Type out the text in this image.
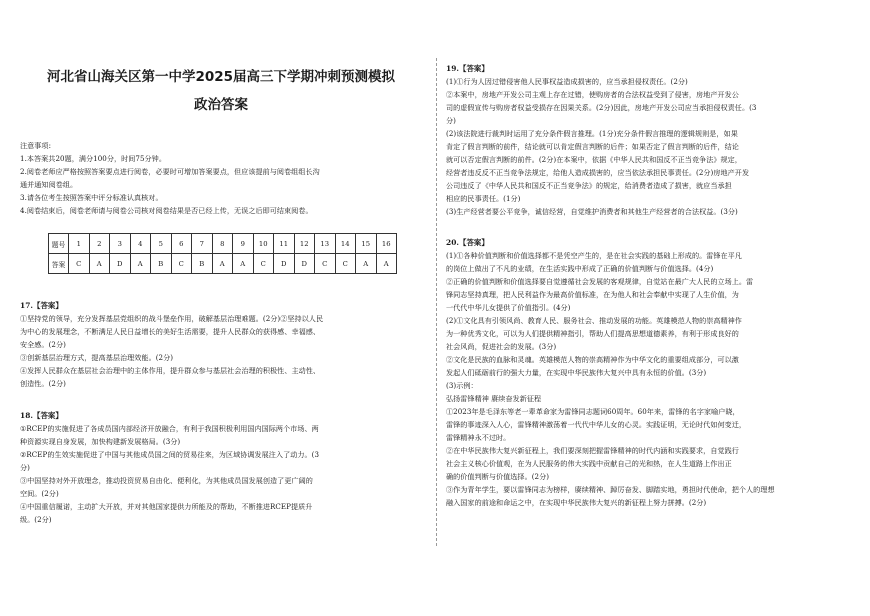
河北省山海关区第一中学2025届高三下学期冲刺预测模拟
政治答案
注意事项:
1.本答案共20题，满分100分，时间75分钟。
2.阅卷老师应严格按照答案要点进行阅卷，必要时可增加答案要点，但应该提前与阅卷组组长沟
通并通知阅卷组。
3.请各位考生按照答案中评分标准认真核对。
4.阅卷结束后，阅卷老师请与阅卷公司核对阅卷结果是否已经上传，无误之后即可结束阅卷。
题号	1	2	3	4	5	6	7	8	9	10	11	12	13	14	15	16
答案	C	A	D	A	B	C	B	A	A	C	D	D	C	C	A	A
17.【答案】
①坚持党的领导，充分发挥基层党组织的战斗堡垒作用，破解基层治理难题。(2分)②坚持以人民
为中心的发展理念，不断满足人民日益增长的美好生活需要，提升人民群众的获得感、幸福感、
安全感。(2分)
③创新基层治理方式，提高基层治理效能。(2分)
④发挥人民群众在基层社会治理中的主体作用，提升群众参与基层社会治理的积极性、主动性、
创造性。(2分)
18.【答案】
①RCEP的实施促进了各成员国内部经济开放融合，有利于我国积极利用国内国际两个市场、两
种资源实现自身发展，加快构建新发展格局。(3分)
②RCEP的生效实施促进了中国与其他成员国之间的贸易往来，为区域协调发展注入了动力。(3
分)
③中国坚持对外开放理念，推动投资贸易自由化、便利化，为其他成员国发展创造了更广阔的
空间。(2分)
④中国重信履诺，主动扩大开放，并对其他国家提供力所能及的帮助，不断推进RCEP提质升
级。(2分)
19.【答案】
(1)①行为人因过错侵害他人民事权益造成损害的，应当承担侵权责任。(2分)
②本案中，房地产开发公司主观上存在过错，使购房者的合法权益受到了侵害，房地产开发公
司的虚假宣传与购房者权益受损存在因果关系。(2分)因此，房地产开发公司应当承担侵权责任。(3
分)
(2)该法院进行裁判时运用了充分条件假言推理。(1分)充分条件假言推理的逻辑规则是，如果
肯定了假言判断的前件，结论就可以肯定假言判断的后件；如果否定了假言判断的后件，结论
就可以否定假言判断的前件。(2分)在本案中，依据《中华人民共和国反不正当竞争法》规定，
经营者违反反不正当竞争法规定，给他人造成损害的，应当依法承担民事责任。(2分)房地产开发
公司违反了《中华人民共和国反不正当竞争法》的规定，给消费者造成了损害，就应当承担
相应的民事责任。(1分)
(3)生产经营者要公平竞争，诚信经营，自觉维护消费者和其他生产经营者的合法权益。(3分)
20.【答案】
(1)①各种价值判断和价值选择都不是凭空产生的，是在社会实践的基础上形成的。雷锋在平凡
的岗位上做出了不凡的业绩，在生活实践中形成了正确的价值判断与价值选择。(4分)
②正确的价值判断和价值选择要自觉遵循社会发展的客观规律，自觉站在最广大人民的立场上。雷
锋同志坚持真理，把人民利益作为最高价值标准，在为他人和社会奉献中实现了人生价值，为
一代代中华儿女提供了价值指引。(4分)
(2)①文化具有引领风尚、教育人民、服务社会、推动发展的功能。英雄模范人物的崇高精神作
为一种优秀文化，可以为人们提供精神指引，帮助人们提高思想道德素养，有利于形成良好的
社会风尚，促进社会的发展。(3分)
②文化是民族的血脉和灵魂。英雄模范人物的崇高精神作为中华文化的重要组成部分，可以激
发起人们砥砺前行的强大力量，在实现中华民族伟大复兴中具有永恒的价值。(3分)
(3)示例：
弘扬雷锋精神 赓续奋发新征程
①2023年是毛泽东等老一辈革命家为雷锋同志题词60周年。60年来，雷锋的名字家喻户晓，
雷锋的事迹深入人心，雷锋精神激荡着一代代中华儿女的心灵。实践证明，无论时代如何变迁，
雷锋精神永不过时。
②在中华民族伟大复兴新征程上，我们要深刻把握雷锋精神的时代内涵和实践要求，自觉践行
社会主义核心价值观，在为人民服务的伟大实践中贡献自己的光和热，在人生道路上作出正
确的价值判断与价值选择。(2分)
③作为青年学生，要以雷锋同志为榜样，赓续精神、踔厉奋发、脚踏实地，勇担时代使命，把个人的理想
融入国家的前途和命运之中，在实现中华民族伟大复兴的新征程上努力拼搏。(2分)
